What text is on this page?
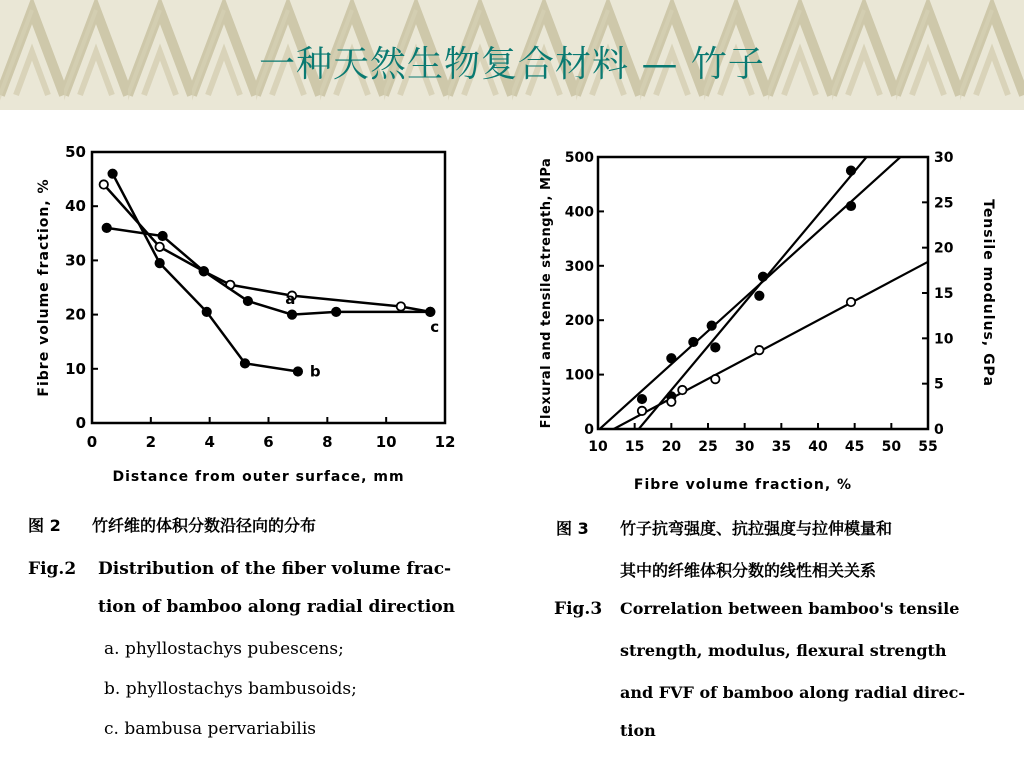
一种天然生物复合材料 — 竹子
0	2	4	6	8	10	12
0
10
20
30
40
50
Distance from outer surface, mm
Fibre volume fraction, %	a
b
c
10 15 20 25 30 35 40 45 50 55
0
100
200
300
400
500
0
5
10
15
20
25
30
Fibre volume fraction, %
Flexural and tensile strength, MPa	Tensile modulus, GPa
图 2 竹纤维的体积分数沿径向的分布
Fig.2 Distribution of the fiber volume frac-
tion of bamboo along radial direction
a. phyllostachys pubescens;
b. phyllostachys bambusoids;
c. bambusa pervariabilis
图 3 竹子抗弯强度、抗拉强度与拉伸模量和
其中的纤维体积分数的线性相关关系
Fig.3 Correlation between bamboo's tensile
strength, modulus, flexural strength
and FVF of bamboo along radial direc-
tion
